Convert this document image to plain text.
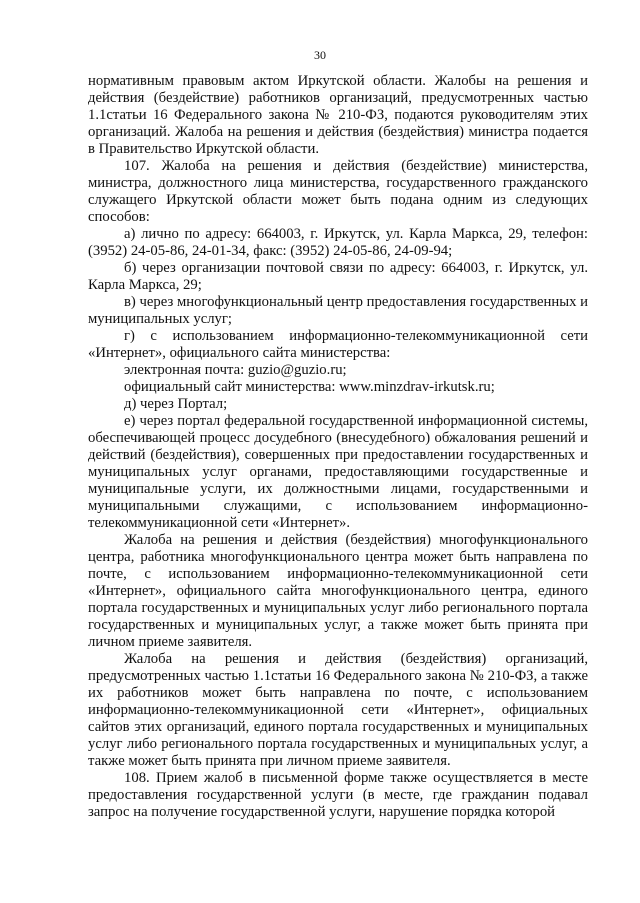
30

нормативным правовым актом Иркутской области. Жалобы на решения и действия (бездействие) работников организаций, предусмотренных частью 1.1статьи 16 Федерального закона № 210-ФЗ, подаются руководителям этих организаций. Жалоба на решения и действия (бездействия) министра подается в Правительство Иркутской области.

107. Жалоба на решения и действия (бездействие) министерства, министра, должностного лица министерства, государственного гражданского служащего Иркутской области может быть подана одним из следующих способов:

а) лично по адресу: 664003, г. Иркутск, ул. Карла Маркса, 29, телефон: (3952) 24-05-86, 24-01-34, факс: (3952) 24-05-86, 24-09-94;

б) через организации почтовой связи по адресу: 664003, г. Иркутск, ул. Карла Маркса, 29;

в) через многофункциональный центр предоставления государственных и муниципальных услуг;

г) с использованием информационно-телекоммуникационной сети «Интернет», официального сайта министерства:

электронная почта: guzio@guzio.ru;

официальный сайт министерства: www.minzdrav-irkutsk.ru;

д) через Портал;

е) через портал федеральной государственной информационной системы, обеспечивающей процесс досудебного (внесудебного) обжалования решений и действий (бездействия), совершенных при предоставлении государственных и муниципальных услуг органами, предоставляющими государственные и муниципальные услуги, их должностными лицами, государственными и муниципальными служащими, с использованием информационно-телекоммуникационной сети «Интернет».

Жалоба на решения и действия (бездействия) многофункционального центра, работника многофункционального центра может быть направлена по почте, с использованием информационно-телекоммуникационной сети «Интернет», официального сайта многофункционального центра, единого портала государственных и муниципальных услуг либо регионального портала государственных и муниципальных услуг, а также может быть принята при личном приеме заявителя.

Жалоба на решения и действия (бездействия) организаций, предусмотренных частью 1.1статьи 16 Федерального закона № 210-ФЗ, а также их работников может быть направлена по почте, с использованием информационно-телекоммуникационной сети «Интернет», официальных сайтов этих организаций, единого портала государственных и муниципальных услуг либо регионального портала государственных и муниципальных услуг, а также может быть принята при личном приеме заявителя.

108. Прием жалоб в письменной форме также осуществляется в месте предоставления государственной услуги (в месте, где гражданин подавал запрос на получение государственной услуги, нарушение порядка которой
